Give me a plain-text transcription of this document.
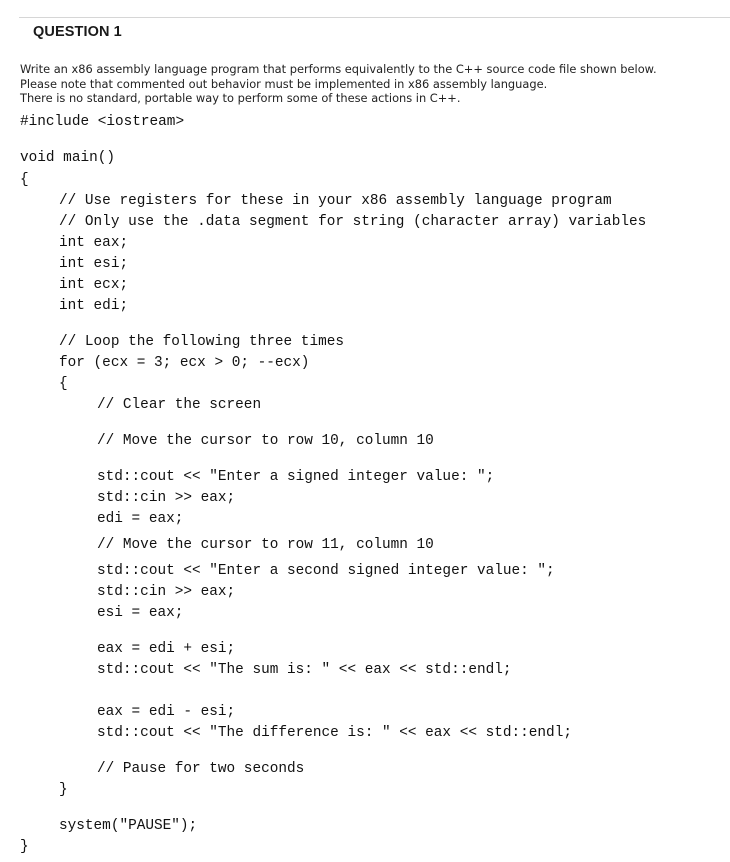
QUESTION 1
Write an x86 assembly language program that performs equivalently to the C++ source code file shown below.
Please note that commented out behavior must be implemented in x86 assembly language.
There is no standard, portable way to perform some of these actions in C++.

#include <iostream>

void main()

{

// Use registers for these in your x86 assembly language program

// Only use the .data segment for string (character array) variables

int eax;

int esi;

int ecx;

int edi;

// Loop the following three times

for (ecx = 3; ecx > 0; --ecx)

{

// Clear the screen

// Move the cursor to row 10, column 10

std::cout << "Enter a signed integer value: ";

std::cin >> eax;

edi = eax;

// Move the cursor to row 11, column 10

std::cout << "Enter a second signed integer value: ";

std::cin >> eax;

esi = eax;

eax = edi + esi;

std::cout << "The sum is: " << eax << std::endl;

eax = edi - esi;

std::cout << "The difference is: " << eax << std::endl;

// Pause for two seconds

}

system("PAUSE");

}
